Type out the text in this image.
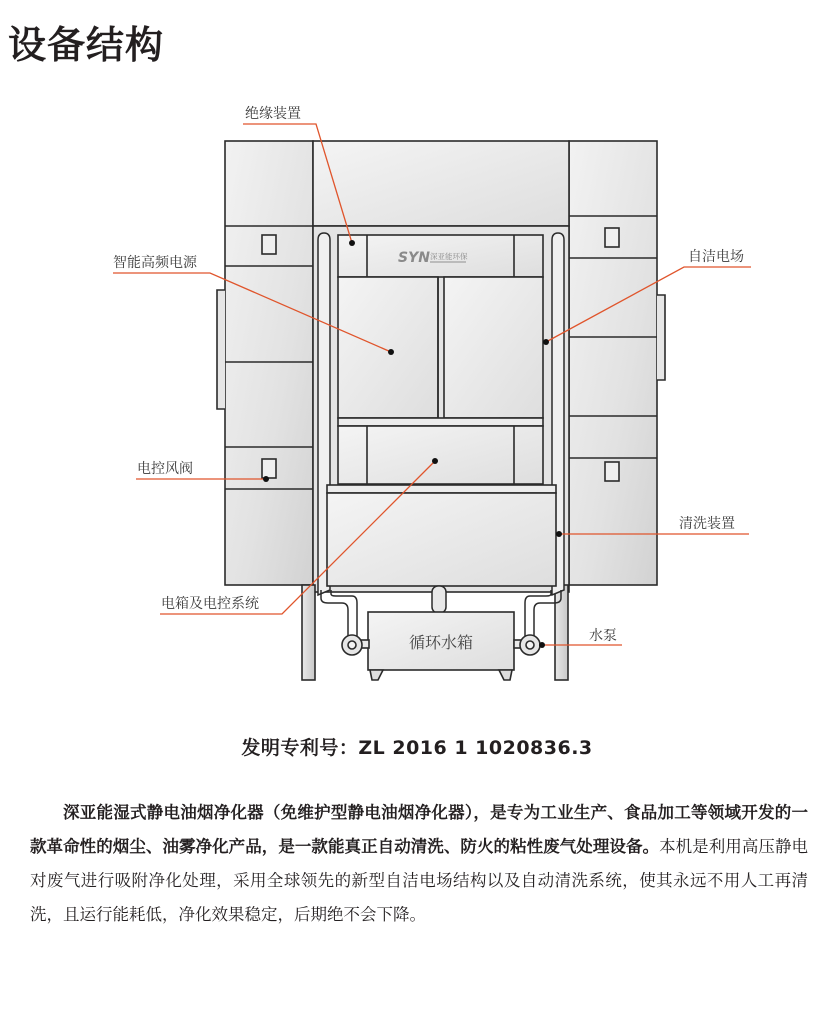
设备结构
循环水箱
SYN 深亚能环保
绝缘装置
智能高频电源	自洁电场
电控风阀
清洗装置
电箱及电控系统
水泵
发明专利号：ZL 2016 1 1020836.3

深亚能湿式静电油烟净化器（免维护型静电油烟净化器），是专为工业生产、食品加工等领域开发的一款革命性的烟尘、油雾净化产品，是一款能真正自动清洗、防火的粘性废气处理设备。本机是利用高压静电对废气进行吸附净化处理，采用全球领先的新型自洁电场结构以及自动清洗系统，使其永远不用人工再清洗，且运行能耗低，净化效果稳定，后期绝不会下降。
